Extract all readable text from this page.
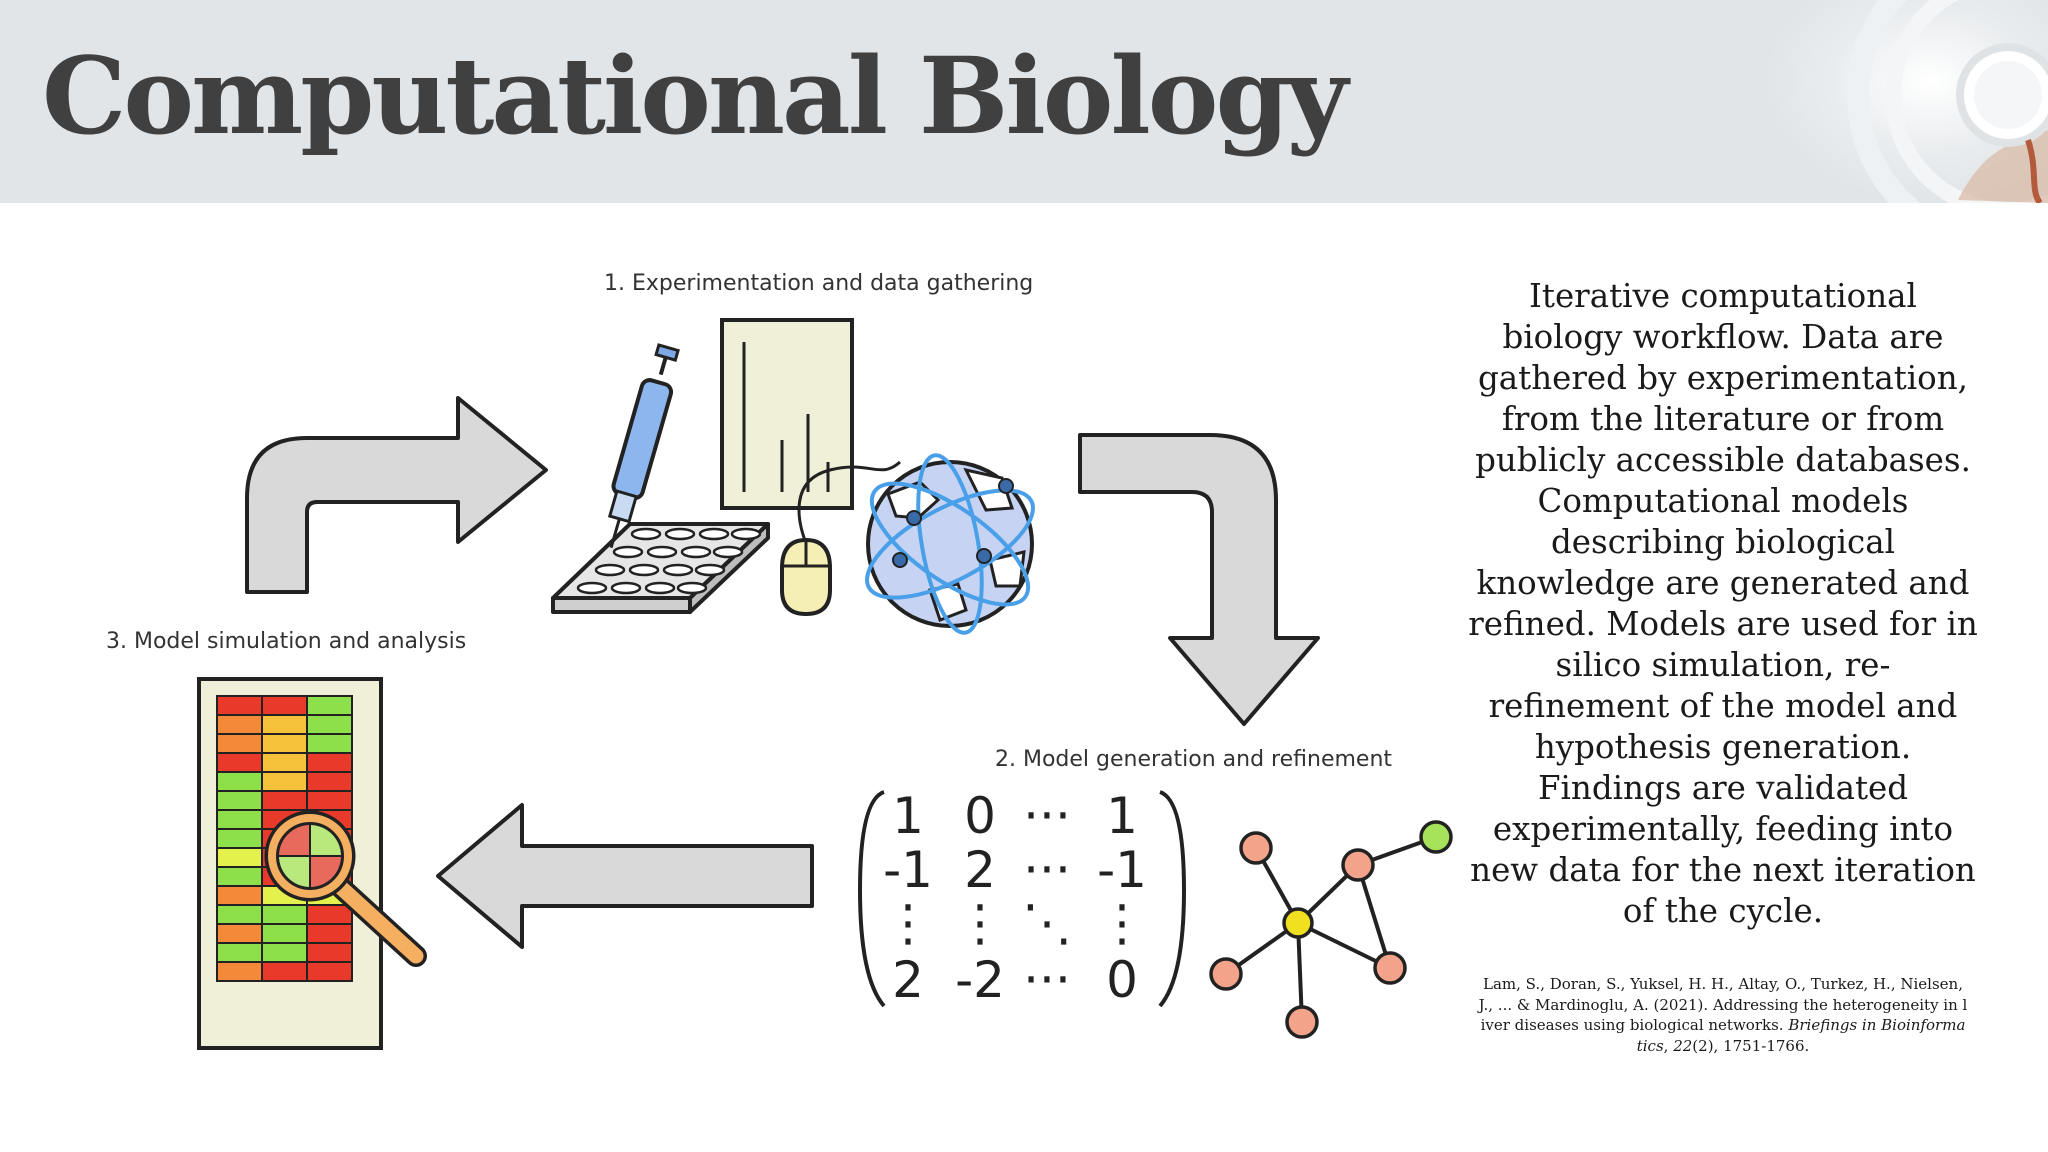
Computational Biology
1. Experimentation and data gathering
2. Model generation and refinement
3. Model simulation and analysis
1 0 ··· 1
-1 2 ··· -1
⋮ ⋮ ⋱ ⋮
2 -2 ··· 0

Iterative computational biology workflow. Data are gathered by experimentation, from the literature or from publicly accessible databases. Computational models describing biological knowledge are generated and refined. Models are used for in silico simulation, re-refinement of the model and hypothesis generation. Findings are validated experimentally, feeding into new data for the next iteration of the cycle.

Lam, S., Doran, S., Yuksel, H. H., Altay, O., Turkez, H., Nielsen, J., ... & Mardinoglu, A. (2021). Addressing the heterogeneity in liver diseases using biological networks. Briefings in Bioinformatics, 22(2), 1751-1766.
